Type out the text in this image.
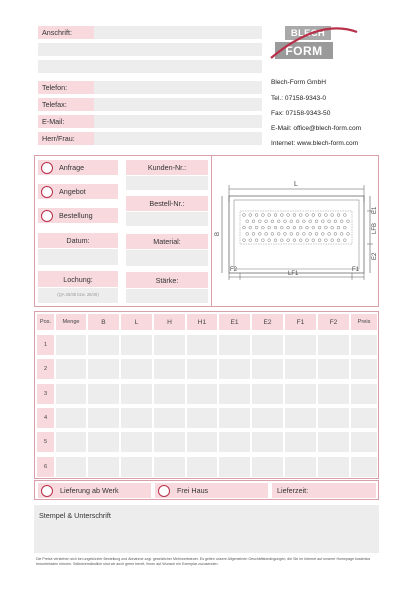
Anschrift:
Telefon:
Telefax:
E-Mail:
Herr/Frau:
BLECH
FORM
Blech-Form GmbH
Tel.: 07158-9343-0
Fax: 07158-9343-50
E-Mail: office@blech-form.com
Internet: www.blech-form.com
Anfrage
Angebot
Bestellung
Datum:
Lochung:
(QA 26/45 bzw. 28/45)
Kunden-Nr.:
Bestell-Nr.:
Material:
Stärke:
L
B
E1
LFB
E2
F2
LF1
F1
Pos.	Menge	B	L	H	H1	E1	E2	F1	F2	Preis
1
2
3
4
5
6
Lieferung ab Werk	Frei Haus	Lieferzeit:
Stempel & Unterschrift
Die Preise verstehen sich bei ungekürzter Bestellung und Abnahme zzgl. gesetzlicher Mehrwertsteuer. Es gelten unsere Allgemeinen Geschäftsbedingungen, die Sie im Internet auf unserer Homepage kostenlos herunterladen können. Selbstverständlich sind wir auch gerne bereit, Ihnen auf Wunsch ein Exemplar zuzusenden.
